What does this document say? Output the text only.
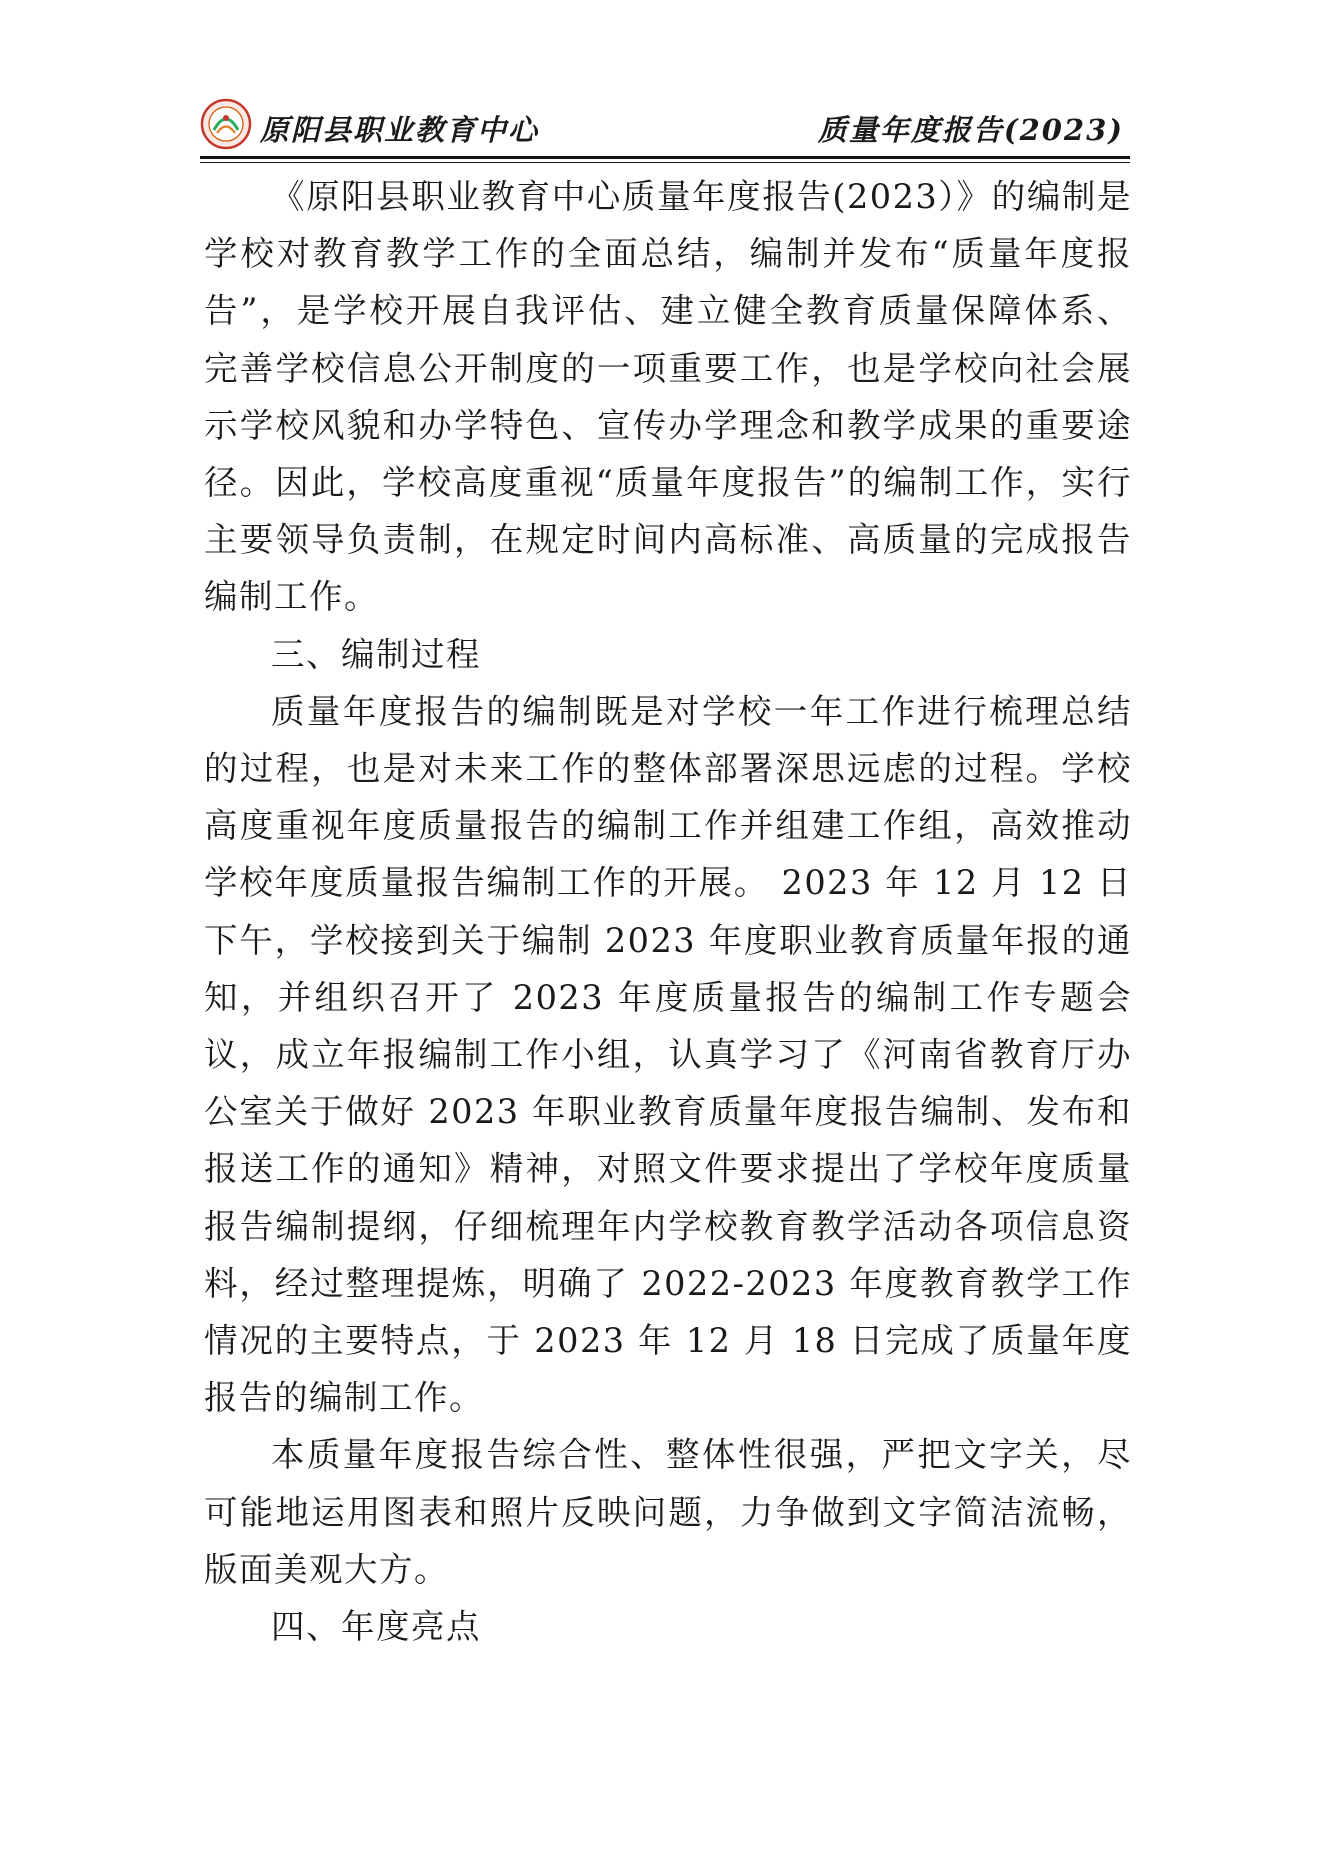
原阳县职业教育中心	质量年度报告(2023)

《原阳县职业教育中心质量年度报告(2023）》的编制是学校对教育教学工作的全面总结，编制并发布“质量年度报告”，是学校开展自我评估、建立健全教育质量保障体系、完善学校信息公开制度的一项重要工作，也是学校向社会展示学校风貌和办学特色、宣传办学理念和教学成果的重要途径。因此，学校高度重视“质量年度报告”的编制工作，实行主要领导负责制，在规定时间内高标准、高质量的完成报告编制工作。

三、编制过程

质量年度报告的编制既是对学校一年工作进行梳理总结的过程，也是对未来工作的整体部署深思远虑的过程。学校高度重视年度质量报告的编制工作并组建工作组，高效推动学校年度质量报告编制工作的开展。 2023 年 12 月 12 日下午，学校接到关于编制 2023 年度职业教育质量年报的通知，并组织召开了 2023 年度质量报告的编制工作专题会议，成立年报编制工作小组，认真学习了《河南省教育厅办公室关于做好 2023 年职业教育质量年度报告编制、发布和报送工作的通知》精神，对照文件要求提出了学校年度质量报告编制提纲，仔细梳理年内学校教育教学活动各项信息资料，经过整理提炼，明确了 2022-2023 年度教育教学工作情况的主要特点，于 2023 年 12 月 18 日完成了质量年度报告的编制工作。

本质量年度报告综合性、整体性很强，严把文字关，尽可能地运用图表和照片反映问题，力争做到文字简洁流畅，版面美观大方。

四、年度亮点
